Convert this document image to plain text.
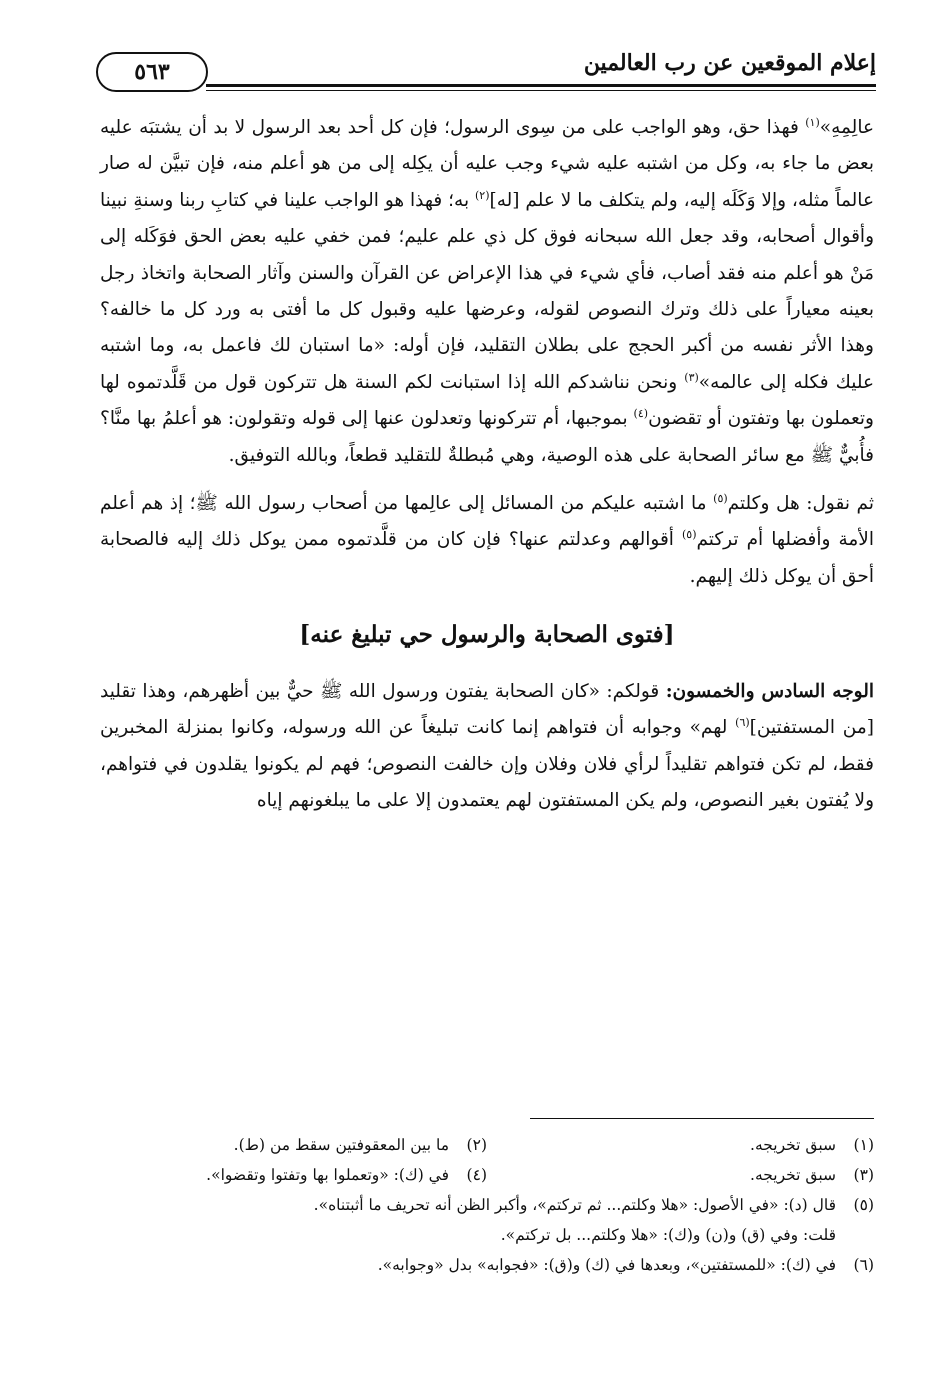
٥٦٣	إعلام الموقعين عن رب العالمين

عالِمِهِ»$^{(١)}$ فهذا حق، وهو الواجب على من سِوى الرسول؛ فإن كل أحد بعد الرسول لا بد أن يشتبَه عليه بعض ما جاء به، وكل من اشتبه عليه شيء وجب عليه أن يكِله إلى من هو أعلم منه، فإن تبيَّن له صار عالماً مثله، وإلا وَكَلَه إليه، ولم يتكلف ما لا علم [له]$^{(٢)}$ به؛ فهذا هو الواجب علينا في كتابِ ربنا وسنةِ نبينا وأقوال أصحابه، وقد جعل الله سبحانه فوق كل ذي علم عليم؛ فمن خفي عليه بعض الحق فوَكَله إلى مَنْ هو أعلم منه فقد أصاب، فأي شيء في هذا الإعراض عن القرآن والسنن وآثار الصحابة واتخاذ رجل بعينه معياراً على ذلك وترك النصوص لقوله، وعرضها عليه وقبول كل ما أفتى به ورد كل ما خالفه؟ وهذا الأثر نفسه من أكبر الحجج على بطلان التقليد، فإن أوله: «ما استبان لك فاعمل به، وما اشتبه عليك فكله إلى عالمه»$^{(٣)}$ ونحن نناشدكم الله إذا استبانت لكم السنة هل تتركون قول من قَلَّدتموه لها وتعملون بها وتفتون أو تقضون$^{(٤)}$ بموجبها، أم تتركونها وتعدلون عنها إلى قوله وتقولون: هو أعلمُ بها منَّا؟ فأُبيٌّ ﷺ مع سائر الصحابة على هذه الوصية، وهي مُبطلةٌ للتقليد قطعاً، وبالله التوفيق.

ثم نقول: هل وكلتم$^{(٥)}$ ما اشتبه عليكم من المسائل إلى عالِمها من أصحاب رسول الله ﷺ؛ إذ هم أعلم الأمة وأفضلها أم تركتم$^{(٥)}$ أقوالهم وعدلتم عنها؟ فإن كان من قلَّدتموه ممن يوكل ذلك إليه فالصحابة أحق أن يوكل ذلك إليهم.

[فتوى الصحابة والرسول حي تبليغ عنه]

الوجه السادس والخمسون: قولكم: «كان الصحابة يفتون ورسول الله ﷺ حيٌّ بين أظهرهم، وهذا تقليد [من المستفتين]$^{(٦)}$ لهم» وجوابه أن فتواهم إنما كانت تبليغاً عن الله ورسوله، وكانوا بمنزلة المخبرين فقط، لم تكن فتواهم تقليداً لرأي فلان وفلان وإن خالفت النصوص؛ فهم لم يكونوا يقلدون في فتواهم، ولا يُفتون بغير النصوص، ولم يكن المستفتون لهم يعتمدون إلا على ما يبلغونهم إياه

(١)
سبق تخريجه.
(٢)
ما بين المعقوفتين سقط من (ط).
(٣)
سبق تخريجه.
(٤)
في (ك): «وتعملوا بها وتفتوا وتقضوا».
(٥)
قال (د): «في الأصول: «هلا وكلتم... ثم تركتم»، وأكبر الظن أنه تحريف ما أثبتناه».
قلت: وفي (ق) و(ن) و(ك): «هلا وكلتم... بل تركتم».
(٦)
في (ك): «للمستفتين»، وبعدها في (ك) و(ق): «فجوابه» بدل «وجوابه».
